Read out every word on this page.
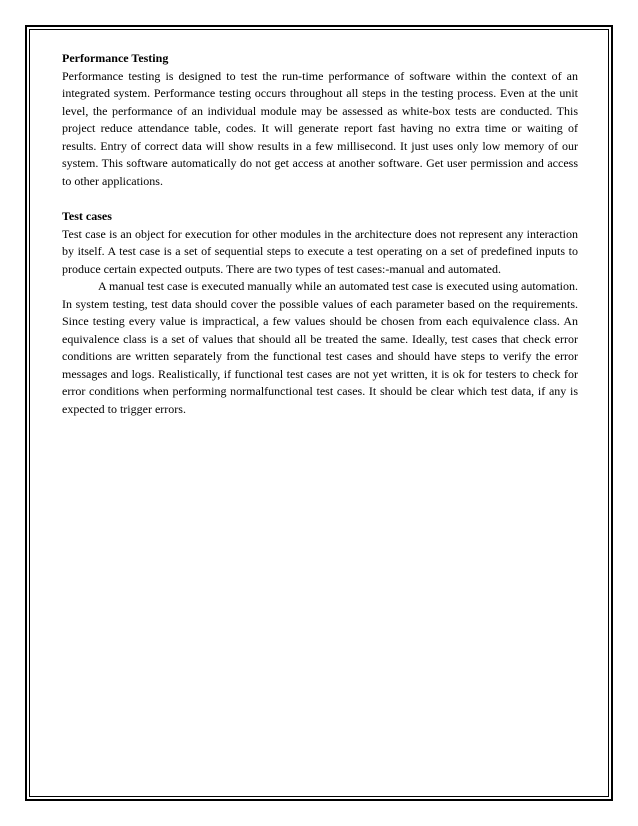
Performance Testing

Performance testing is designed to test the run-time performance of software within the context of an integrated system. Performance testing occurs throughout all steps in the testing process. Even at the unit level, the performance of an individual module may be assessed as white-box tests are conducted. This project reduce attendance table, codes. It will generate report fast having no extra time or waiting of results. Entry of correct data will show results in a few millisecond. It just uses only low memory of our system. This software automatically do not get access at another software. Get user permission and access to other applications.

Test cases

Test case is an object for execution for other modules in the architecture does not represent any interaction by itself. A test case is a set of sequential steps to execute a test operating on a set of predefined inputs to produce certain expected outputs. There are two types of test cases:-manual and automated.

A manual test case is executed manually while an automated test case is executed using automation. In system testing, test data should cover the possible values of each parameter based on the requirements. Since testing every value is impractical, a few values should be chosen from each equivalence class. An equivalence class is a set of values that should all be treated the same. Ideally, test cases that check error conditions are written separately from the functional test cases and should have steps to verify the error messages and logs. Realistically, if functional test cases are not yet written, it is ok for testers to check for error conditions when performing normalfunctional test cases. It should be clear which test data, if any is expected to trigger errors.
